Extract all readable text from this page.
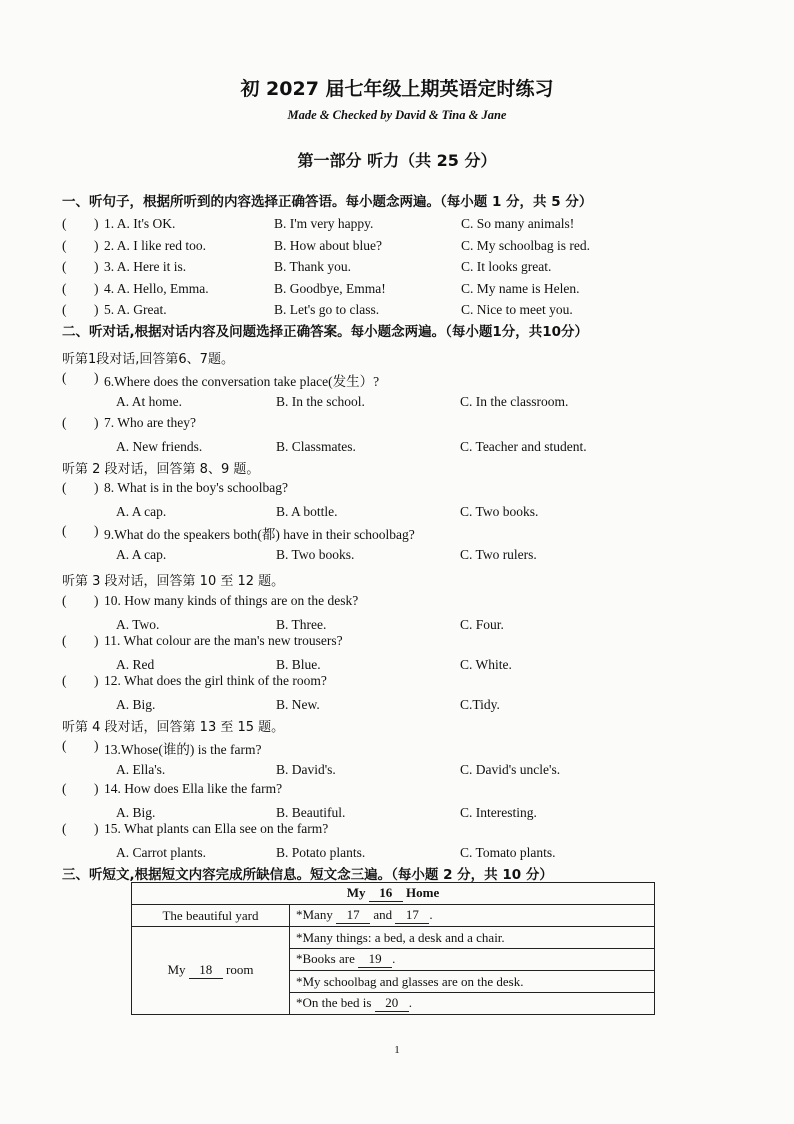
初 2027 届七年级上期英语定时练习
Made & Checked by David & Tina & Jane
第一部分 听力（共 25 分）
一、听句子，根据所听到的内容选择正确答语。每小题念两遍。（每小题 1 分，共 5 分）
( ) 1. A. It's OK.	B. I'm very happy.	C. So many animals!
( ) 2. A. I like red too.	B. How about blue?	C. My schoolbag is red.
( ) 3. A. Here it is.	B. Thank you.	C. It looks great.
( ) 4. A. Hello, Emma.	B. Goodbye, Emma!	C. My name is Helen.
( ) 5. A. Great.	B. Let's go to class.	C. Nice to meet you.
二、听对话,根据对话内容及问题选择正确答案。每小题念两遍。（每小题1分，共10分）
听第1段对话,回答第6、7题。
听第 2 段对话，回答第 8、9 题。
听第 3 段对话，回答第 10 至 12 题。
听第 4 段对话，回答第 13 至 15 题。
( ) 6.Where does the conversation take place(发生）?
A. At home.	B. In the school.	C. In the classroom.
( ) 7. Who are they?
A. New friends.	B. Classmates.	C. Teacher and student.
( ) 8. What is in the boy's schoolbag?
A. A cap.	B. A bottle.	C. Two books.
( ) 9.What do the speakers both(都) have in their schoolbag?
A. A cap.	B. Two books.	C. Two rulers.
( ) 10. How many kinds of things are on the desk?
A. Two.	B. Three.	C. Four.
( ) 11. What colour are the man's new trousers?
A. Red	B. Blue.	C. White.
( ) 12. What does the girl think of the room?
A. Big.	B. New.	C.Tidy.
( ) 13.Whose(谁的) is the farm?
A. Ella's.	B. David's.	C. David's uncle's.
( ) 14. How does Ella like the farm?
A. Big.	B. Beautiful.	C. Interesting.
( ) 15. What plants can Ella see on the farm?
A. Carrot plants.	B. Potato plants.	C. Tomato plants.
三、听短文,根据短文内容完成所缺信息。短文念三遍。（每小题 2 分，共 10 分）
My 16 Home	
The beautiful yard	*Many 17 and 17 .
My 18 room	*Many things: a bed, a desk and a chair.
	*Books are 19 .
	*My schoolbag and glasses are on the desk.
	*On the bed is 20 .
1
